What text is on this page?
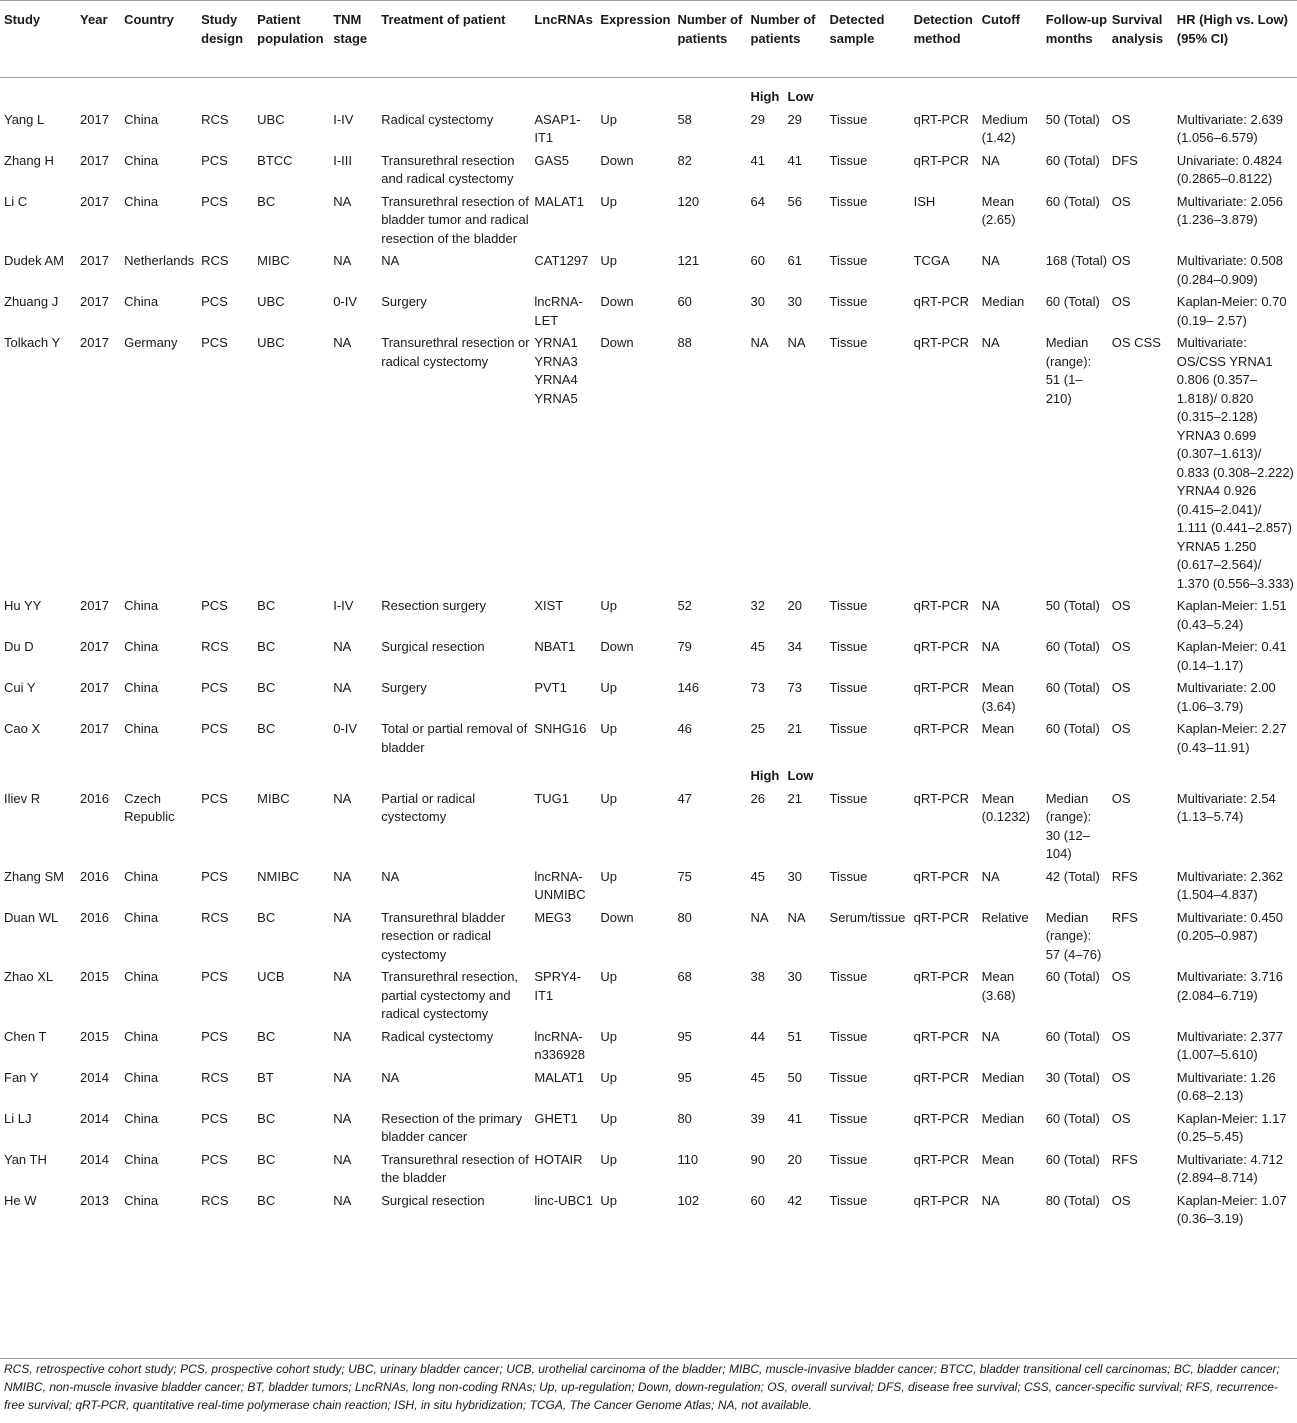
Study	Year	Country	Study design	Patient population	TNM stage	Treatment of patient	LncRNAs	Expression	Number of patients	Number of patients		Detected sample	Detection method	Cutoff	Follow-up months	Survival analysis	HR (High vs. Low) (95% CI)
										High	Low						
Yang L	2017	China	RCS	UBC	I-IV	Radical cystectomy	ASAP1-IT1	Up	58	29	29	Tissue	qRT-PCR	Medium (1.42)	50 (Total)	OS	Multivariate: 2.639 (1.056–6.579)
Zhang H	2017	China	PCS	BTCC	I-III	Transurethral resection and radical cystectomy	GAS5	Down	82	41	41	Tissue	qRT-PCR	NA	60 (Total)	DFS	Univariate: 0.4824 (0.2865–0.8122)
Li C	2017	China	PCS	BC	NA	Transurethral resection of bladder tumor and radical resection of the bladder	MALAT1	Up	120	64	56	Tissue	ISH	Mean (2.65)	60 (Total)	OS	Multivariate: 2.056 (1.236–3.879)
Dudek AM	2017	Netherlands	RCS	MIBC	NA	NA	CAT1297	Up	121	60	61	Tissue	TCGA	NA	168 (Total)	OS	Multivariate: 0.508 (0.284–0.909)
Zhuang J	2017	China	PCS	UBC	0-IV	Surgery	lncRNA-LET	Down	60	30	30	Tissue	qRT-PCR	Median	60 (Total)	OS	Kaplan-Meier: 0.70 (0.19– 2.57)
Tolkach Y	2017	Germany	PCS	UBC	NA	Transurethral resection or radical cystectomy	YRNA1 YRNA3 YRNA4 YRNA5	Down	88	NA	NA	Tissue	qRT-PCR	NA	Median (range): 51 (1–210)	OS CSS	Multivariate: OS/CSS YRNA1 0.806 (0.357–1.818)/ 0.820 (0.315–2.128) YRNA3 0.699 (0.307–1.613)/ 0.833 (0.308–2.222) YRNA4 0.926 (0.415–2.041)/ 1.111 (0.441–2.857) YRNA5 1.250 (0.617–2.564)/ 1.370 (0.556–3.333)
Hu YY	2017	China	PCS	BC	I-IV	Resection surgery	XIST	Up	52	32	20	Tissue	qRT-PCR	NA	50 (Total)	OS	Kaplan-Meier: 1.51 (0.43–5.24)
Du D	2017	China	RCS	BC	NA	Surgical resection	NBAT1	Down	79	45	34	Tissue	qRT-PCR	NA	60 (Total)	OS	Kaplan-Meier: 0.41 (0.14–1.17)
Cui Y	2017	China	PCS	BC	NA	Surgery	PVT1	Up	146	73	73	Tissue	qRT-PCR	Mean (3.64)	60 (Total)	OS	Multivariate: 2.00 (1.06–3.79)
Cao X	2017	China	PCS	BC	0-IV	Total or partial removal of bladder	SNHG16	Up	46	25	21	Tissue	qRT-PCR	Mean	60 (Total)	OS	Kaplan-Meier: 2.27 (0.43–11.91)
										High	Low						
Iliev R	2016	Czech Republic	PCS	MIBC	NA	Partial or radical cystectomy	TUG1	Up	47	26	21	Tissue	qRT-PCR	Mean (0.1232)	Median (range): 30 (12–104)	OS	Multivariate: 2.54 (1.13–5.74)
Zhang SM	2016	China	PCS	NMIBC	NA	NA	lncRNA-UNMIBC	Up	75	45	30	Tissue	qRT-PCR	NA	42 (Total)	RFS	Multivariate: 2.362 (1.504–4.837)
Duan WL	2016	China	RCS	BC	NA	Transurethral bladder resection or radical cystectomy	MEG3	Down	80	NA	NA	Serum/tissue	qRT-PCR	Relative	Median (range): 57 (4–76)	RFS	Multivariate: 0.450 (0.205–0.987)
Zhao XL	2015	China	PCS	UCB	NA	Transurethral resection, partial cystectomy and radical cystectomy	SPRY4-IT1	Up	68	38	30	Tissue	qRT-PCR	Mean (3.68)	60 (Total)	OS	Multivariate: 3.716 (2.084–6.719)
Chen T	2015	China	PCS	BC	NA	Radical cystectomy	lncRNA-n336928	Up	95	44	51	Tissue	qRT-PCR	NA	60 (Total)	OS	Multivariate: 2.377 (1.007–5.610)
Fan Y	2014	China	RCS	BT	NA	NA	MALAT1	Up	95	45	50	Tissue	qRT-PCR	Median	30 (Total)	OS	Multivariate: 1.26 (0.68–2.13)
Li LJ	2014	China	PCS	BC	NA	Resection of the primary bladder cancer	GHET1	Up	80	39	41	Tissue	qRT-PCR	Median	60 (Total)	OS	Kaplan-Meier: 1.17 (0.25–5.45)
Yan TH	2014	China	PCS	BC	NA	Transurethral resection of the bladder	HOTAIR	Up	110	90	20	Tissue	qRT-PCR	Mean	60 (Total)	RFS	Multivariate: 4.712 (2.894–8.714)
He W	2013	China	RCS	BC	NA	Surgical resection	linc-UBC1	Up	102	60	42	Tissue	qRT-PCR	NA	80 (Total)	OS	Kaplan-Meier: 1.07 (0.36–3.19)
RCS, retrospective cohort study; PCS, prospective cohort study; UBC, urinary bladder cancer; UCB, urothelial carcinoma of the bladder; MIBC, muscle-invasive bladder cancer; BTCC, bladder transitional cell carcinomas; BC, bladder cancer; NMIBC, non-muscle invasive bladder cancer; BT, bladder tumors; LncRNAs, long non-coding RNAs; Up, up-regulation; Down, down-regulation; OS, overall survival; DFS, disease free survival; CSS, cancer-specific survival; RFS, recurrence-free survival; qRT-PCR, quantitative real-time polymerase chain reaction; ISH, in situ hybridization; TCGA, The Cancer Genome Atlas; NA, not available.
